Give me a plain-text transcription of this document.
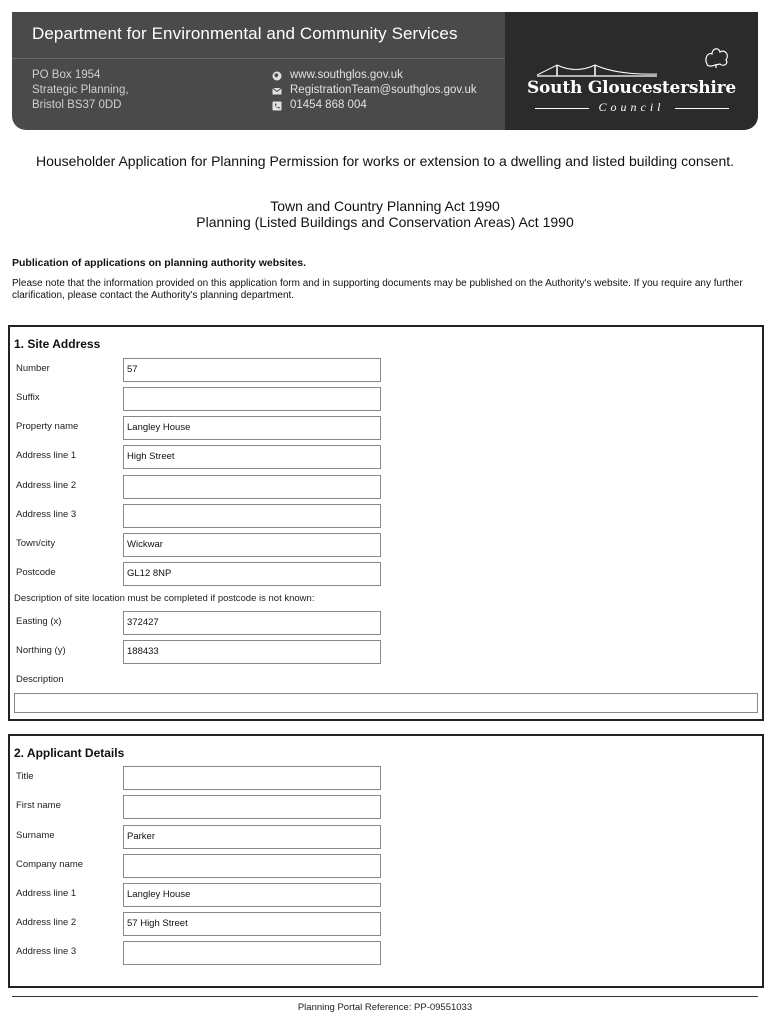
Department for Environmental and Community Services
PO Box 1954
Strategic Planning,
Bristol BS37 0DD
www.southglos.gov.uk
RegistrationTeam@southglos.gov.uk
01454 868 004
South Gloucestershire
Council
Householder Application for Planning Permission for works or extension to a dwelling and listed building consent.
Town and Country Planning Act 1990
Planning (Listed Buildings and Conservation Areas) Act 1990
Publication of applications on planning authority websites.
Please note that the information provided on this application form and in supporting documents may be published on the Authority's website. If you require any further clarification, please contact the Authority's planning department.
1. Site Address
Number	57
Suffix
Property name	Langley House
Address line 1	High Street
Address line 2
Address line 3
Town/city	Wickwar
Postcode	GL12 8NP
Description of site location must be completed if postcode is not known:
Easting (x)	372427
Northing (y)	188433
Description
2. Applicant Details
Title
First name
Surname	Parker
Company name
Address line 1	Langley House
Address line 2	57 High Street
Address line 3
Planning Portal Reference: PP-09551033
